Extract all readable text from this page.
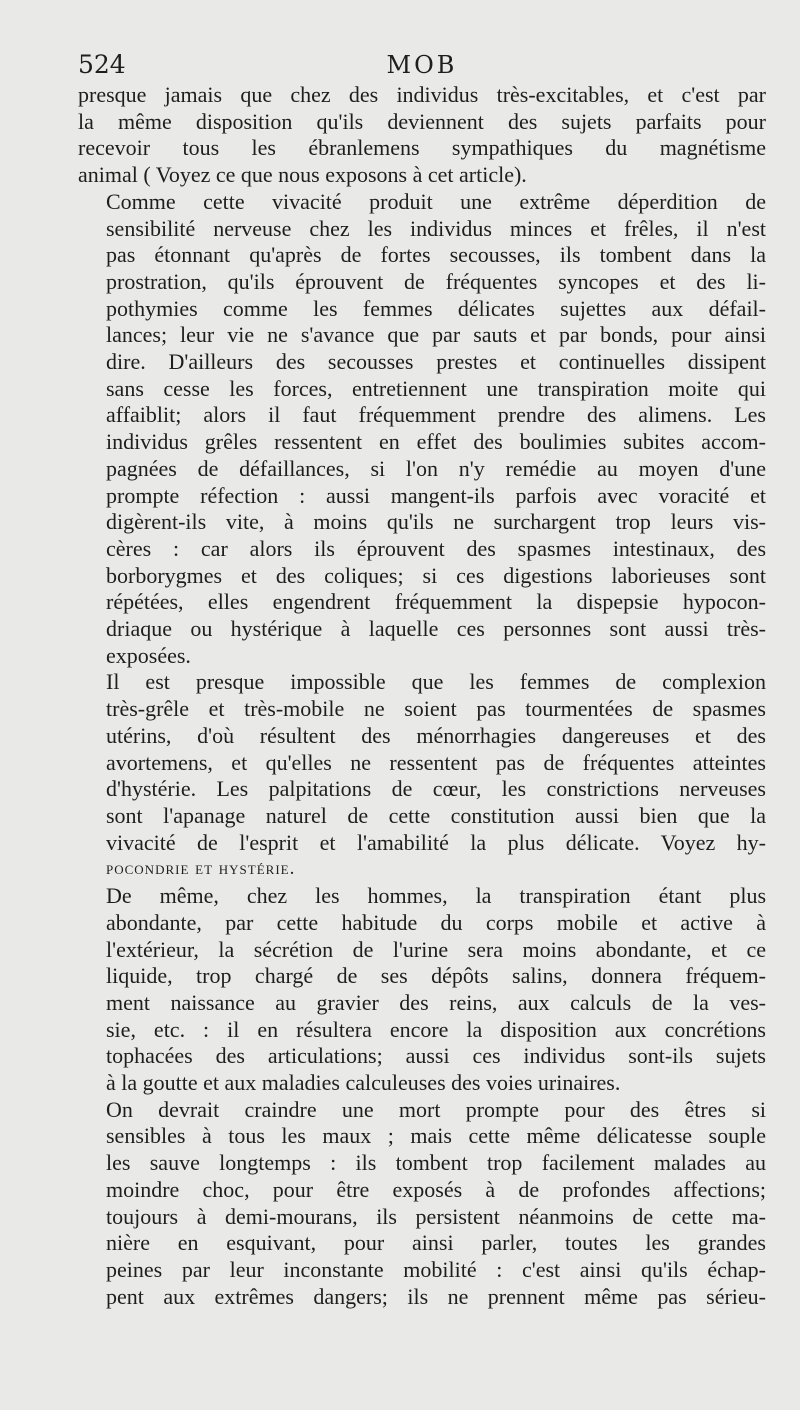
524	MOB

presque jamais que chez des individus très-excitables, et c'est par
la même disposition qu'ils deviennent des sujets parfaits pour
recevoir tous les ébranlemens sympathiques du magnétisme
animal ( Voyez ce que nous exposons à cet article).

Comme cette vivacité produit une extrême déperdition de
sensibilité nerveuse chez les individus minces et frêles, il n'est
pas étonnant qu'après de fortes secousses, ils tombent dans la
prostration, qu'ils éprouvent de fréquentes syncopes et des li-
pothymies comme les femmes délicates sujettes aux défail-
lances; leur vie ne s'avance que par sauts et par bonds, pour ainsi
dire. D'ailleurs des secousses prestes et continuelles dissipent
sans cesse les forces, entretiennent une transpiration moite qui
affaiblit; alors il faut fréquemment prendre des alimens. Les
individus grêles ressentent en effet des boulimies subites accom-
pagnées de défaillances, si l'on n'y remédie au moyen d'une
prompte réfection : aussi mangent-ils parfois avec voracité et
digèrent-ils vite, à moins qu'ils ne surchargent trop leurs vis-
cères : car alors ils éprouvent des spasmes intestinaux, des
borborygmes et des coliques; si ces digestions laborieuses sont
répétées, elles engendrent fréquemment la dispepsie hypocon-
driaque ou hystérique à laquelle ces personnes sont aussi très-
exposées.

Il est presque impossible que les femmes de complexion
très-grêle et très-mobile ne soient pas tourmentées de spasmes
utérins, d'où résultent des ménorrhagies dangereuses et des
avortemens, et qu'elles ne ressentent pas de fréquentes atteintes
d'hystérie. Les palpitations de cœur, les constrictions nerveuses
sont l'apanage naturel de cette constitution aussi bien que la
vivacité de l'esprit et l'amabilité la plus délicate. Voyez hy-
pocondrie et hystérie.

De même, chez les hommes, la transpiration étant plus
abondante, par cette habitude du corps mobile et active à
l'extérieur, la sécrétion de l'urine sera moins abondante, et ce
liquide, trop chargé de ses dépôts salins, donnera fréquem-
ment naissance au gravier des reins, aux calculs de la ves-
sie, etc. : il en résultera encore la disposition aux concrétions
tophacées des articulations; aussi ces individus sont-ils sujets
à la goutte et aux maladies calculeuses des voies urinaires.

On devrait craindre une mort prompte pour des êtres si
sensibles à tous les maux ; mais cette même délicatesse souple
les sauve longtemps : ils tombent trop facilement malades au
moindre choc, pour être exposés à de profondes affections;
toujours à demi-mourans, ils persistent néanmoins de cette ma-
nière en esquivant, pour ainsi parler, toutes les grandes
peines par leur inconstante mobilité : c'est ainsi qu'ils échap-
pent aux extrêmes dangers; ils ne prennent même pas sérieu-
